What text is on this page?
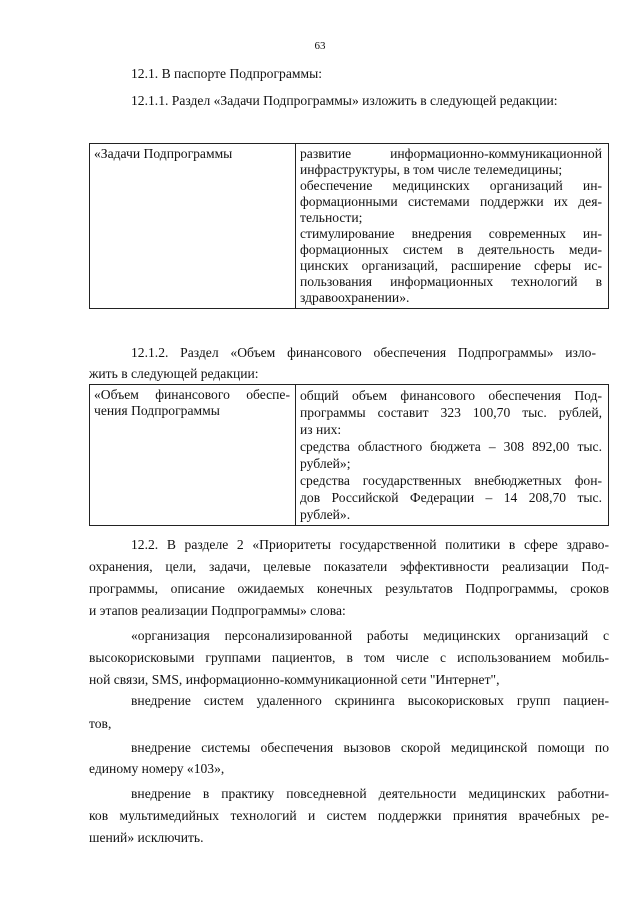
63
12.1. В паспорте Подпрограммы:
12.1.1. Раздел «Задачи Подпрограммы» изложить в следующей редакции:
«Задачи Подпрограммы	развитие информационно-коммуникационной
инфраструктуры, в том числе телемедицины;
обеспечение медицинских организаций ин-
формационными системами поддержки их дея-
тельности;
стимулирование внедрения современных ин-
формационных систем в деятельность меди-
цинских организаций, расширение сферы ис-
пользования информационных технологий в
здравоохранении».
12.1.2. Раздел «Объем финансового обеспечения Подпрограммы» изло-
жить в следующей редакции:
«Объем финансового обеспе-
чения Подпрограммы

общий объем финансового обеспечения Под-
программы составит 323 100,70 тыс. рублей,
из них:
средства областного бюджета – 308 892,00 тыс.
рублей»;
средства государственных внебюджетных фон-
дов Российской Федерации – 14 208,70 тыс.
рублей».
12.2. В разделе 2 «Приоритеты государственной политики в сфере здраво-
охранения, цели, задачи, целевые показатели эффективности реализации Под-
программы, описание ожидаемых конечных результатов Подпрограммы, сроков
и этапов реализации Подпрограммы» слова:
«организация персонализированной работы медицинских организаций с
высокорисковыми группами пациентов, в том числе с использованием мобиль-
ной связи, SMS, информационно-коммуникационной сети "Интернет",
внедрение систем удаленного скрининга высокорисковых групп пациен-
тов,
внедрение системы обеспечения вызовов скорой медицинской помощи по
единому номеру «103»,
внедрение в практику повседневной деятельности медицинских работни-
ков мультимедийных технологий и систем поддержки принятия врачебных ре-
шений» исключить.
